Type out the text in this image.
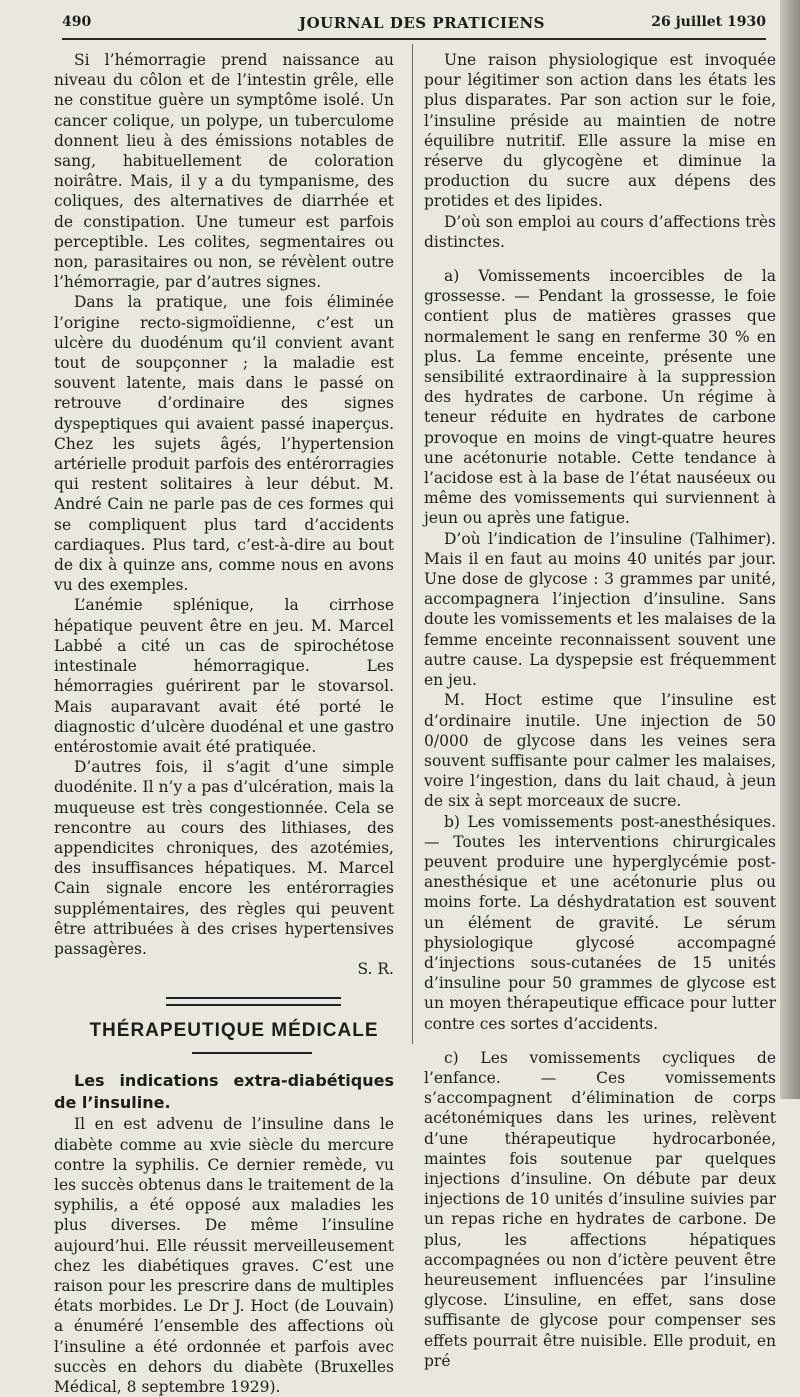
490	JOURNAL DES PRATICIENS	26 juillet 1930

Si l’hémorragie prend naissance au niveau du côlon et de l’intestin grêle, elle ne constitue guère un symptôme isolé. Un cancer colique, un polype, un tuberculome donnent lieu à des émissions notables de sang, habituellement de coloration noirâtre. Mais, il y a du tympanisme, des coliques, des alternatives de diarrhée et de constipation. Une tumeur est parfois perceptible. Les colites, segmentaires ou non, parasitaires ou non, se révèlent outre l’hémorragie, par d’autres signes.

Dans la pratique, une fois éliminée l’origine recto-sigmoïdienne, c’est un ulcère du duodénum qu’il convient avant tout de soupçonner ; la maladie est souvent latente, mais dans le passé on retrouve d’ordinaire des signes dyspeptiques qui avaient passé inaperçus. Chez les sujets âgés, l’hypertension artérielle produit parfois des entérorragies qui restent solitaires à leur début. M. André Cain ne parle pas de ces formes qui se compliquent plus tard d’accidents cardiaques. Plus tard, c’est-à-dire au bout de dix à quinze ans, comme nous en avons vu des exemples.

L’anémie splénique, la cirrhose hépatique peuvent être en jeu. M. Marcel Labbé a cité un cas de spirochétose intestinale hémorragique. Les hémorragies guérirent par le stovarsol. Mais auparavant avait été porté le diagnostic d’ulcère duodénal et une gastro entérostomie avait été pratiquée.

D’autres fois, il s’agit d’une simple duodénite. Il n’y a pas d’ulcération, mais la muqueuse est très congestionnée. Cela se rencontre au cours des lithiases, des appendicites chroniques, des azotémies, des insuffisances hépatiques. M. Marcel Cain signale encore les entérorragies supplémentaires, des règles qui peuvent être attribuées à des crises hypertensives passagères.

S. R.

THÉRAPEUTIQUE MÉDICALE

Les indications extra-diabétiques de l’insuline.

Il en est advenu de l’insuline dans le diabète comme au xvie siècle du mercure contre la syphilis. Ce dernier remède, vu les succès obtenus dans le traitement de la syphilis, a été opposé aux maladies les plus diverses. De même l’insuline aujourd’hui. Elle réussit merveilleusement chez les diabétiques graves. C’est une raison pour les prescrire dans de multiples états morbides. Le Dr J. Hoct (de Louvain) a énuméré l’ensemble des affections où l’insuline a été ordonnée et parfois avec succès en dehors du diabète (Bruxelles Médical, 8 septembre 1929).

Une raison physiologique est invoquée pour légitimer son action dans les états les plus disparates. Par son action sur le foie, l’insuline préside au maintien de notre équilibre nutritif. Elle assure la mise en réserve du glycogène et diminue la production du sucre aux dépens des protides et des lipides.

D’où son emploi au cours d’affections très distinctes.

a) Vomissements incoercibles de la grossesse. — Pendant la grossesse, le foie contient plus de matières grasses que normalement le sang en renferme 30 % en plus. La femme enceinte, présente une sensibilité extraordinaire à la suppression des hydrates de carbone. Un régime à teneur réduite en hydrates de carbone provoque en moins de vingt-quatre heures une acétonurie notable. Cette tendance à l’acidose est à la base de l’état nauséeux ou même des vomissements qui surviennent à jeun ou après une fatigue.

D’où l’indication de l’insuline (Talhimer). Mais il en faut au moins 40 unités par jour. Une dose de glycose : 3 grammes par unité, accompagnera l’injection d’insuline. Sans doute les vomissements et les malaises de la femme enceinte reconnaissent souvent une autre cause. La dyspepsie est fréquemment en jeu.

M. Hoct estime que l’insuline est d’ordinaire inutile. Une injection de 50 0/000 de glycose dans les veines sera souvent suffisante pour calmer les malaises, voire l’ingestion, dans du lait chaud, à jeun de six à sept morceaux de sucre.

b) Les vomissements post-anesthésiques. — Toutes les interventions chirurgicales peuvent produire une hyperglycémie post-anesthésique et une acétonurie plus ou moins forte. La déshydratation est souvent un élément de gravité. Le sérum physiologique glycosé accompagné d’injections sous-cutanées de 15 unités d’insuline pour 50 grammes de glycose est un moyen thérapeutique efficace pour lutter contre ces sortes d’accidents.

c) Les vomissements cycliques de l’enfance. — Ces vomissements s’accompagnent d’élimination de corps acétonémiques dans les urines, relèvent d’une thérapeutique hydrocarbonée, maintes fois soutenue par quelques injections d’insuline. On débute par deux injections de 10 unités d’insuline suivies par un repas riche en hydrates de carbone. De plus, les affections hépatiques accompagnées ou non d’ictère peuvent être heureusement influencées par l’insuline glycose. L’insuline, en effet, sans dose suffisante de glycose pour compenser ses effets pourrait être nuisible. Elle produit, en pré
